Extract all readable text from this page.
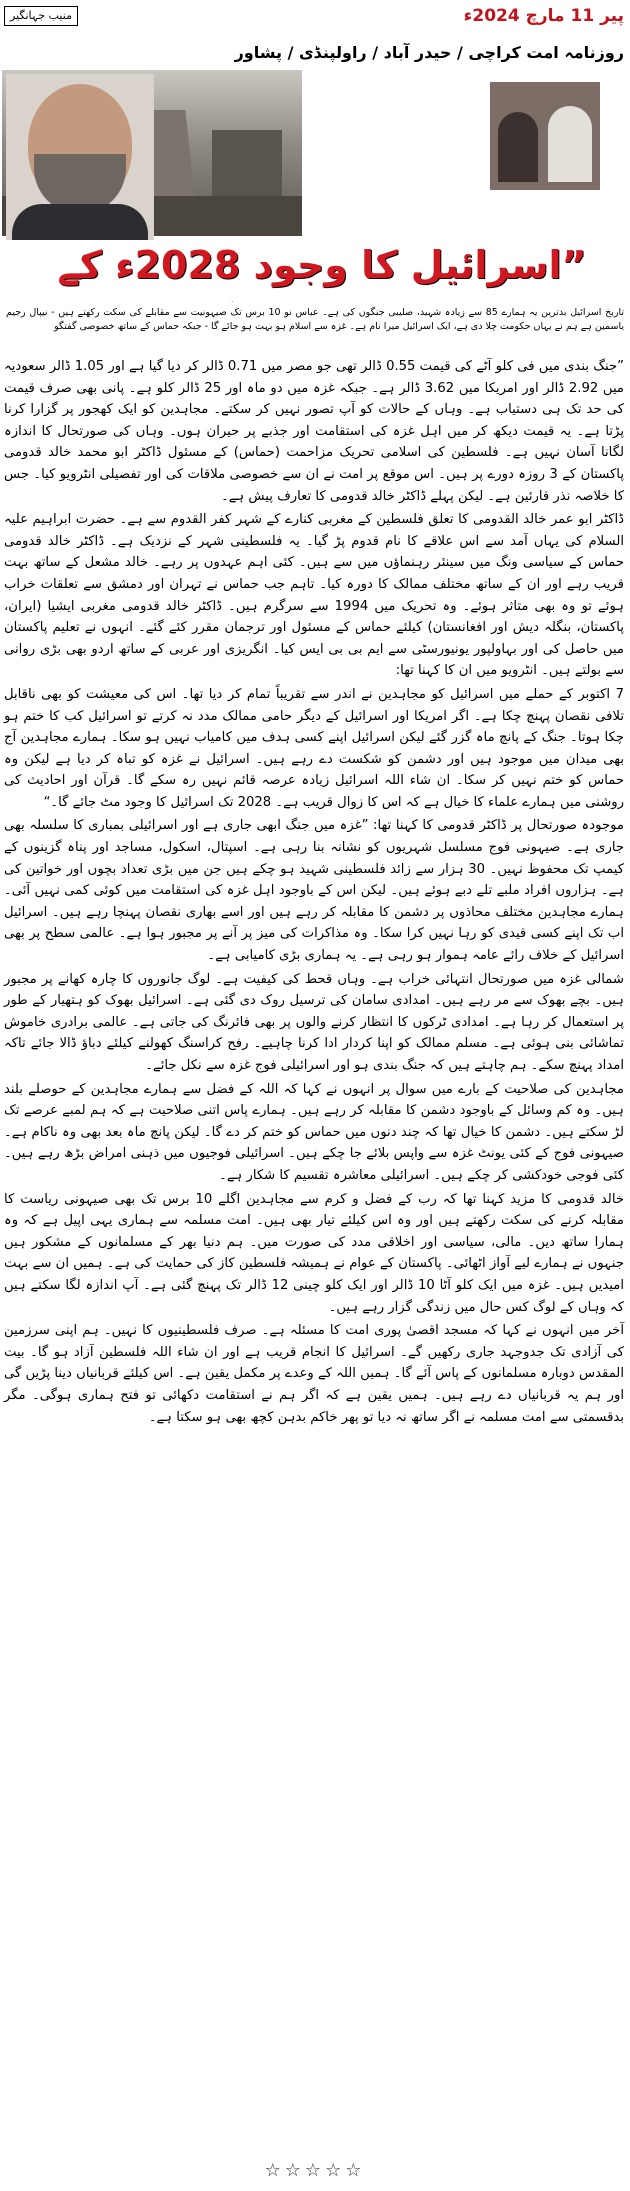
منیب جہانگیر	پیر 11 مارچ 2024ء
روزنامہ امت کراچی / حیدر آباد / راولپنڈی / پشاور
”اسرائیل کا وجود 2028ء کے
تاریخ اسرائیل بدترین یہ ہمارے 85 سے زیادہ شہید، صلیبی جنگوں کی ہے۔ عباس نو 10 برس تک صیہونیت سے مقابلے کی سکت رکھتے ہیں - نیپال رجیم یاسمین ہے ہم نے یہاں حکومت چلا دی ہے، ایک اسرائیل میرا نام ہے۔ غزہ سے اسلام ہو بہت ہو جائے گا - جبکہ حماس کے ساتھ خصوصی گفتگو

”جنگ بندی میں فی کلو آٹے کی قیمت 0.55 ڈالر تھی جو مصر میں 0.71 ڈالر کر دیا گیا ہے اور 1.05 ڈالر سعودیہ میں 2.92 ڈالر اور امریکا میں 3.62 ڈالر ہے۔ جبکہ غزہ میں دو ماہ اور 25 ڈالر کلو ہے۔ پانی بھی صرف قیمت کی حد تک ہی دستیاب ہے۔ وہاں کے حالات کو آپ تصور نہیں کر سکتے۔ مجاہدین کو ایک کھجور پر گزارا کرنا پڑتا ہے۔ یہ قیمت دیکھ کر میں اہل غزہ کی استقامت اور جذبے پر حیران ہوں۔ وہاں کی صورتحال کا اندازہ لگانا آسان نہیں ہے۔ فلسطین کی اسلامی تحریک مزاحمت (حماس) کے مسئول ڈاکٹر ابو محمد خالد قدومی پاکستان کے 3 روزہ دورے پر ہیں۔ اس موقع پر امت نے ان سے خصوصی ملاقات کی اور تفصیلی انٹرویو کیا۔ جس کا خلاصہ نذر قارئین ہے۔ لیکن پہلے ڈاکٹر خالد قدومی کا تعارف پیش ہے۔

ڈاکٹر ابو عمر خالد القدومی کا تعلق فلسطین کے مغربی کنارے کے شہر کفر القدوم سے ہے۔ حضرت ابراہیم علیہ السلام کی یہاں آمد سے اس علاقے کا نام قدوم پڑ گیا۔ یہ فلسطینی شہر کے نزدیک ہے۔ ڈاکٹر خالد قدومی حماس کے سیاسی ونگ میں سینئر رہنماؤں میں سے ہیں۔ کئی اہم عہدوں پر رہے۔ خالد مشعل کے ساتھ بہت قریب رہے اور ان کے ساتھ مختلف ممالک کا دورہ کیا۔ تاہم جب حماس نے تہران اور دمشق سے تعلقات خراب ہوئے تو وہ بھی متاثر ہوئے۔ وہ تحریک میں 1994 سے سرگرم ہیں۔ ڈاکٹر خالد قدومی مغربی ایشیا (ایران، پاکستان، بنگلہ دیش اور افغانستان) کیلئے حماس کے مسئول اور ترجمان مقرر کئے گئے۔ انہوں نے تعلیم پاکستان میں حاصل کی اور بہاولپور یونیورسٹی سے ایم بی بی ایس کیا۔ انگریزی اور عربی کے ساتھ اردو بھی بڑی روانی سے بولتے ہیں۔ انٹرویو میں ان کا کہنا تھا:

7 اکتوبر کے حملے میں اسرائیل کو مجاہدین نے اندر سے تقریباً تمام کر دیا تھا۔ اس کی معیشت کو بھی ناقابل تلافی نقصان پہنچ چکا ہے۔ اگر امریکا اور اسرائیل کے دیگر حامی ممالک مدد نہ کرتے تو اسرائیل کب کا ختم ہو چکا ہوتا۔ جنگ کے پانچ ماہ گزر گئے لیکن اسرائیل اپنے کسی ہدف میں کامیاب نہیں ہو سکا۔ ہمارے مجاہدین آج بھی میدان میں موجود ہیں اور دشمن کو شکست دے رہے ہیں۔ اسرائیل نے غزہ کو تباہ کر دیا ہے لیکن وہ حماس کو ختم نہیں کر سکا۔ ان شاء اللہ اسرائیل زیادہ عرصہ قائم نہیں رہ سکے گا۔ قرآن اور احادیث کی روشنی میں ہمارے علماء کا خیال ہے کہ اس کا زوال قریب ہے۔ 2028 تک اسرائیل کا وجود مٹ جائے گا۔“

موجودہ صورتحال پر ڈاکٹر قدومی کا کہنا تھا: ”غزہ میں جنگ ابھی جاری ہے اور اسرائیلی بمباری کا سلسلہ بھی جاری ہے۔ صیہونی فوج مسلسل شہریوں کو نشانہ بنا رہی ہے۔ اسپتال، اسکول، مساجد اور پناہ گزینوں کے کیمپ تک محفوظ نہیں۔ 30 ہزار سے زائد فلسطینی شہید ہو چکے ہیں جن میں بڑی تعداد بچوں اور خواتین کی ہے۔ ہزاروں افراد ملبے تلے دبے ہوئے ہیں۔ لیکن اس کے باوجود اہل غزہ کی استقامت میں کوئی کمی نہیں آئی۔ ہمارے مجاہدین مختلف محاذوں پر دشمن کا مقابلہ کر رہے ہیں اور اسے بھاری نقصان پہنچا رہے ہیں۔ اسرائیل اب تک اپنے کسی قیدی کو رہا نہیں کرا سکا۔ وہ مذاکرات کی میز پر آنے پر مجبور ہوا ہے۔ عالمی سطح پر بھی اسرائیل کے خلاف رائے عامہ ہموار ہو رہی ہے۔ یہ ہماری بڑی کامیابی ہے۔

شمالی غزہ میں صورتحال انتہائی خراب ہے۔ وہاں قحط کی کیفیت ہے۔ لوگ جانوروں کا چارہ کھانے پر مجبور ہیں۔ بچے بھوک سے مر رہے ہیں۔ امدادی سامان کی ترسیل روک دی گئی ہے۔ اسرائیل بھوک کو ہتھیار کے طور پر استعمال کر رہا ہے۔ امدادی ٹرکوں کا انتظار کرنے والوں پر بھی فائرنگ کی جاتی ہے۔ عالمی برادری خاموش تماشائی بنی ہوئی ہے۔ مسلم ممالک کو اپنا کردار ادا کرنا چاہیے۔ رفح کراسنگ کھولنے کیلئے دباؤ ڈالا جائے تاکہ امداد پہنچ سکے۔ ہم چاہتے ہیں کہ جنگ بندی ہو اور اسرائیلی فوج غزہ سے نکل جائے۔

مجاہدین کی صلاحیت کے بارے میں سوال پر انہوں نے کہا کہ اللہ کے فضل سے ہمارے مجاہدین کے حوصلے بلند ہیں۔ وہ کم وسائل کے باوجود دشمن کا مقابلہ کر رہے ہیں۔ ہمارے پاس اتنی صلاحیت ہے کہ ہم لمبے عرصے تک لڑ سکتے ہیں۔ دشمن کا خیال تھا کہ چند دنوں میں حماس کو ختم کر دے گا۔ لیکن پانچ ماہ بعد بھی وہ ناکام ہے۔ صیہونی فوج کے کئی یونٹ غزہ سے واپس بلائے جا چکے ہیں۔ اسرائیلی فوجیوں میں ذہنی امراض بڑھ رہے ہیں۔ کئی فوجی خودکشی کر چکے ہیں۔ اسرائیلی معاشرہ تقسیم کا شکار ہے۔

خالد قدومی کا مزید کہنا تھا کہ رب کے فضل و کرم سے مجاہدین اگلے 10 برس تک بھی صیہونی ریاست کا مقابلہ کرنے کی سکت رکھتے ہیں اور وہ اس کیلئے تیار بھی ہیں۔ امت مسلمہ سے ہماری یہی اپیل ہے کہ وہ ہمارا ساتھ دیں۔ مالی، سیاسی اور اخلاقی مدد کی صورت میں۔ ہم دنیا بھر کے مسلمانوں کے مشکور ہیں جنہوں نے ہمارے لیے آواز اٹھائی۔ پاکستان کے عوام نے ہمیشہ فلسطین کاز کی حمایت کی ہے۔ ہمیں ان سے بہت امیدیں ہیں۔ غزہ میں ایک کلو آٹا 10 ڈالر اور ایک کلو چینی 12 ڈالر تک پہنچ گئی ہے۔ آپ اندازہ لگا سکتے ہیں کہ وہاں کے لوگ کس حال میں زندگی گزار رہے ہیں۔

آخر میں انہوں نے کہا کہ مسجد اقصیٰ پوری امت کا مسئلہ ہے۔ صرف فلسطینیوں کا نہیں۔ ہم اپنی سرزمین کی آزادی تک جدوجہد جاری رکھیں گے۔ اسرائیل کا انجام قریب ہے اور ان شاء اللہ فلسطین آزاد ہو گا۔ بیت المقدس دوبارہ مسلمانوں کے پاس آئے گا۔ ہمیں اللہ کے وعدے پر مکمل یقین ہے۔ اس کیلئے قربانیاں دینا پڑیں گی اور ہم یہ قربانیاں دے رہے ہیں۔ ہمیں یقین ہے کہ اگر ہم نے استقامت دکھائی تو فتح ہماری ہوگی۔ مگر بدقسمتی سے امت مسلمہ نے اگر ساتھ نہ دیا تو پھر خاکم بدہن کچھ بھی ہو سکتا ہے۔

☆☆☆☆☆
